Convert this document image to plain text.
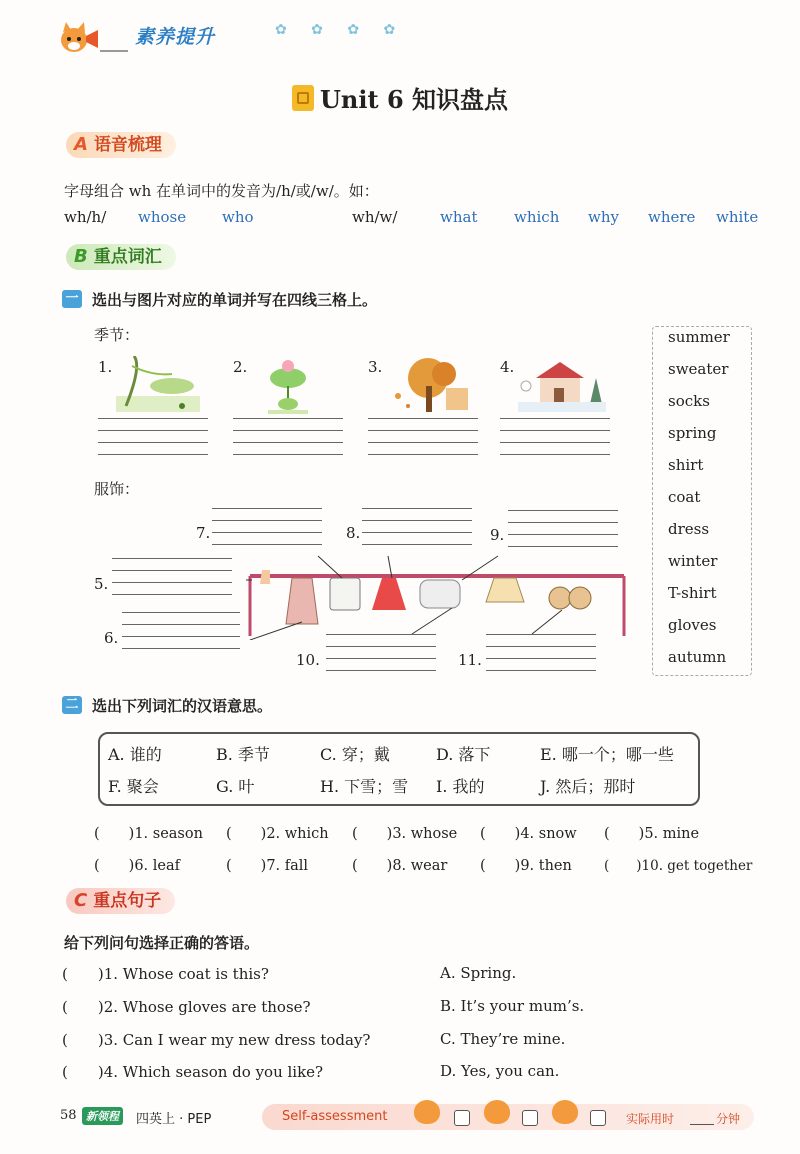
素养提升	✿ ✿ ✿ ✿
Unit 6 知识盘点
A 语音梳理
字母组合 wh 在单词中的发音为/h/或/w/。如：
wh/h/ whose who	wh/w/	what which why where white
B 重点词汇
一 选出与图片对应的单词并写在四线三格上。
季节：
1.	2.	3.	4.
summer
sweater
socks
spring
shirt
coat
dress
winter
T-shirt
gloves
autumn
服饰：
7.	8.	9.
5.
6.
10.	11.
二 选出下列词汇的汉语意思。
A. 谁的	B. 季节	C. 穿；戴	D. 落下	E. 哪一个；哪一些
F. 聚会	G. 叶	H. 下雪；雪 I. 我的	J. 然后；那时
(　　)1. season (　　)2. which (　　)3. whose (　　)4. snow (　　)5. mine
(　　)6. leaf	(　　)7. fall	(　　)8. wear (　　)9. then (　　)10. get together
C 重点句子
给下列问句选择正确的答语。
(　　)1. Whose coat is this?
(　　)2. Whose gloves are those?
(　　)3. Can I wear my new dress today?
(　　)4. Which season do you like?
A. Spring.
B. It’s your mum’s.
C. They’re mine.
D. Yes, you can.
58 新领程	四英上 · PEP	Self-assessment	实际用时	分钟
